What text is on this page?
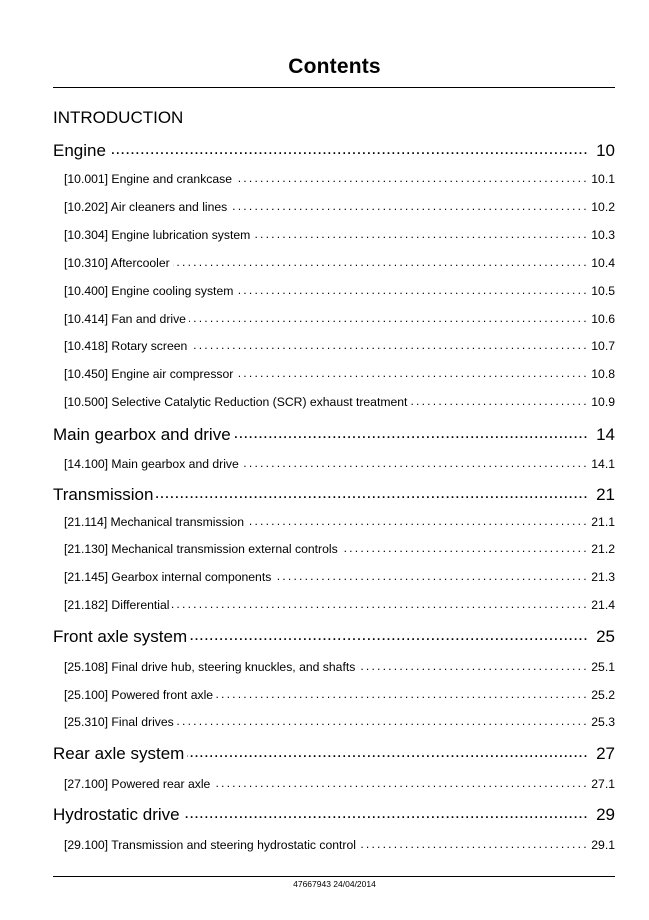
Contents
INTRODUCTION
Engine .....	10
[10.001] Engine and crankcase . . .	10.1
[10.202] Air cleaners and lines . . .	10.2
[10.304] Engine lubrication system . . .	10.3
[10.310] Aftercooler . . .	10.4
[10.400] Engine cooling system . . .	10.5
[10.414] Fan and drive . . .	10.6
[10.418] Rotary screen . . .	10.7
[10.450] Engine air compressor . . .	10.8
[10.500] Selective Catalytic Reduction (SCR) exhaust treatment . . .	10.9
Main gearbox and drive .....	14
[14.100] Main gearbox and drive . . .	14.1
Transmission .....	21
[21.114] Mechanical transmission . . .	21.1
[21.130] Mechanical transmission external controls . . .	21.2
[21.145] Gearbox internal components . . .	21.3
[21.182] Differential . . .	21.4
Front axle system .....	25
[25.108] Final drive hub, steering knuckles, and shafts . . .	25.1
[25.100] Powered front axle . . .	25.2
[25.310] Final drives . . .	25.3
Rear axle system .....	27
[27.100] Powered rear axle . . .	27.1
Hydrostatic drive .....	29
[29.100] Transmission and steering hydrostatic control . . .	29.1
47667943 24/04/2014
